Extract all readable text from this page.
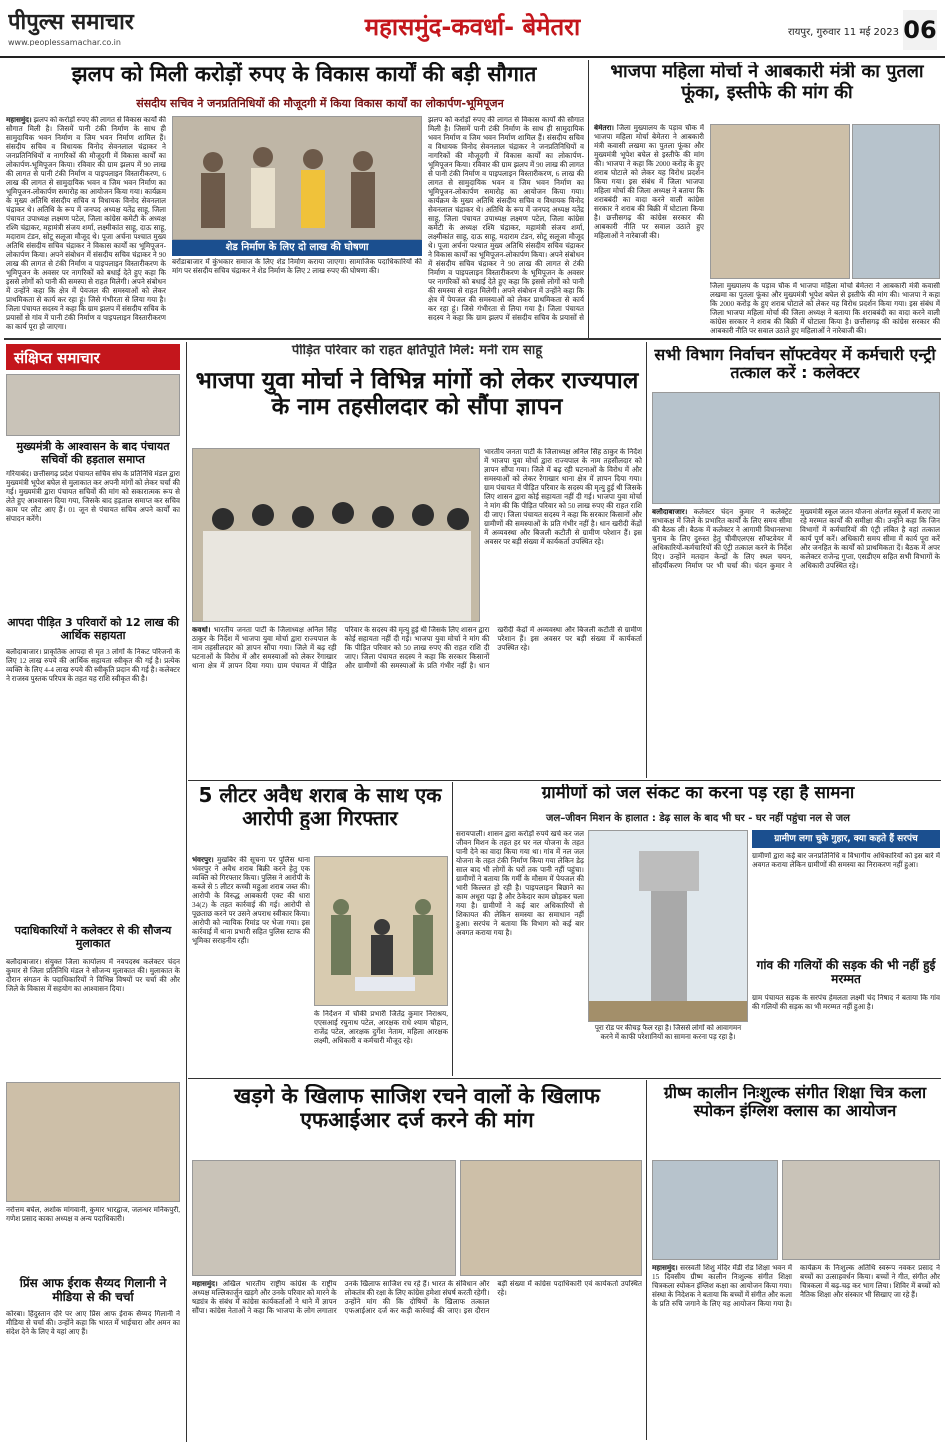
पीपुल्स समाचार
www.peoplessamachar.co.in
महासमुंद-कवर्धा- बेमेतरा	रायपुर, गुरुवार 11 मई 2023 06
झलप को मिली करोड़ों रुपए के विकास कार्यों की बड़ी सौगात
संसदीय सचिव ने जनप्रतिनिधियों की मौजूदगी में किया विकास कार्यों का लोकार्पण-भूमिपूजन
महासमुंद। झलप को करोड़ों रुपए की लागत से विकास कार्यों की सौगात मिली है। जिसमें पानी टंकी निर्माण के साथ ही सामुदायिक भवन निर्माण व जिम भवन निर्माण शामिल हैं। संसदीय सचिव व विधायक विनोद सेवनलाल चंद्राकर ने जनप्रतिनिधियों व नागरिकों की मौजूदगी में विकास कार्यों का लोकार्पण-भूमिपूजन किया। रविवार की ग्राम झलप में 90 लाख की लागत से पानी टंकी निर्माण व पाइपलाइन विस्तारीकरण, 6 लाख की लागत से सामुदायिक भवन व जिम भवन निर्माण का भूमिपूजन-लोकार्पण समारोह का आयोजन किया गया। कार्यक्रम के मुख्य अतिथि संसदीय सचिव व विधायक विनोद सेवनलाल चंद्राकर थे। अतिथि के रूप में जनपद अध्यक्ष यतेंद्र साहू, जिला पंचायत उपाध्यक्ष लक्ष्मण पटेल, जिला कांग्रेस कमेटी के अध्यक्ष रश्मि चंद्राकर, महामंत्री संजय शर्मा, लक्ष्मीकांत साहू, दाऊ साहू, मदाराम टंडन, सोटू सलूजा मौजूद थे। पूजा अर्चना पश्चात मुख्य अतिथि संसदीय सचिव चंद्राकर ने विकास कार्यों का भूमिपूजन-लोकार्पण किया। अपने संबोधन में संसदीय सचिव चंद्राकर ने 90 लाख की लागत से टंकी निर्माण व पाइपलाइन विस्तारीकरण के भूमिपूजन के अवसर पर नागरिकों को बधाई देते हुए कहा कि इससे लोगों को पानी की समस्या से राहत मिलेगी। अपने संबोधन में उन्होंने कहा कि क्षेत्र में पेयजल की समस्याओं को लेकर प्राथमिकता से कार्य कर रहा हूं। जिसे गंभीरता से लिया गया है। जिला पंचायत सदस्य ने कहा कि ग्राम झलप में संसदीय सचिव के प्रयासों से गांव में पानी टंकी निर्माण व पाइपलाइन विस्तारीकरण का कार्य पूरा हो जाएगा।
शेड निर्माण के लिए दो लाख की घोषणा
बरोंडाबाजार में कुंभकार समाज के लिए शेड निर्माण कराया जाएगा। सामाजिक पदाधिकारियों की मांग पर संसदीय सचिव चंद्राकर ने शेड निर्माण के लिए 2 लाख रुपए की घोषणा की।
झलप को करोड़ों रुपए की लागत से विकास कार्यों की सौगात मिली है। जिसमें पानी टंकी निर्माण के साथ ही सामुदायिक भवन निर्माण व जिम भवन निर्माण शामिल हैं। संसदीय सचिव व विधायक विनोद सेवनलाल चंद्राकर ने जनप्रतिनिधियों व नागरिकों की मौजूदगी में विकास कार्यों का लोकार्पण-भूमिपूजन किया। रविवार की ग्राम झलप में 90 लाख की लागत से पानी टंकी निर्माण व पाइपलाइन विस्तारीकरण, 6 लाख की लागत से सामुदायिक भवन व जिम भवन निर्माण का भूमिपूजन-लोकार्पण समारोह का आयोजन किया गया। कार्यक्रम के मुख्य अतिथि संसदीय सचिव व विधायक विनोद सेवनलाल चंद्राकर थे। अतिथि के रूप में जनपद अध्यक्ष यतेंद्र साहू, जिला पंचायत उपाध्यक्ष लक्ष्मण पटेल, जिला कांग्रेस कमेटी के अध्यक्ष रश्मि चंद्राकर, महामंत्री संजय शर्मा, लक्ष्मीकांत साहू, दाऊ साहू, मदाराम टंडन, सोटू सलूजा मौजूद थे। पूजा अर्चना पश्चात मुख्य अतिथि संसदीय सचिव चंद्राकर ने विकास कार्यों का भूमिपूजन-लोकार्पण किया। अपने संबोधन में संसदीय सचिव चंद्राकर ने 90 लाख की लागत से टंकी निर्माण व पाइपलाइन विस्तारीकरण के भूमिपूजन के अवसर पर नागरिकों को बधाई देते हुए कहा कि इससे लोगों को पानी की समस्या से राहत मिलेगी। अपने संबोधन में उन्होंने कहा कि क्षेत्र में पेयजल की समस्याओं को लेकर प्राथमिकता से कार्य कर रहा हूं। जिसे गंभीरता से लिया गया है। जिला पंचायत सदस्य ने कहा कि ग्राम झलप में संसदीय सचिव के प्रयासों से
भाजपा महिला मोर्चा ने आबकारी मंत्री का पुतला फूंका, इस्तीफे की मांग की
बेमेतरा। जिला मुख्यालय के पड़ाव चौक में भाजपा महिला मोर्चा बेमेतरा ने आबकारी मंत्री कवासी लखमा का पुतला फूंका और मुख्यमंत्री भूपेश बघेल से इस्तीफे की मांग की। भाजपा ने कहा कि 2000 करोड़ के हुए शराब घोटाले को लेकर यह विरोध प्रदर्शन किया गया। इस संबंध में जिला भाजपा महिला मोर्चा की जिला अध्यक्ष ने बताया कि शराबबंदी का वादा करने वाली कांग्रेस सरकार ने शराब की बिक्री में घोटाला किया है। छत्तीसगढ़ की कांग्रेस सरकार की आबकारी नीति पर सवाल उठाते हुए महिलाओं ने नारेबाजी की।
जिला मुख्यालय के पड़ाव चौक में भाजपा महिला मोर्चा बेमेतरा ने आबकारी मंत्री कवासी लखमा का पुतला फूंका और मुख्यमंत्री भूपेश बघेल से इस्तीफे की मांग की। भाजपा ने कहा कि 2000 करोड़ के हुए शराब घोटाले को लेकर यह विरोध प्रदर्शन किया गया। इस संबंध में जिला भाजपा महिला मोर्चा की जिला अध्यक्ष ने बताया कि शराबबंदी का वादा करने वाली कांग्रेस सरकार ने शराब की बिक्री में घोटाला किया है। छत्तीसगढ़ की कांग्रेस सरकार की आबकारी नीति पर सवाल उठाते हुए महिलाओं ने नारेबाजी की।
संक्षिप्त समाचार
मुख्यमंत्री के आश्वासन के बाद पंचायत सचिवों की हड़ताल समाप्त
गरियाबंद। छत्तीसगढ़ प्रदेश पंचायत सचिव संघ के प्रतिनिधि मंडल द्वारा मुख्यमंत्री भूपेश बघेल से मुलाकात कर अपनी मांगों को लेकर चर्चा की गई। मुख्यमंत्री द्वारा पंचायत सचिवों की मांग को सकारात्मक रूप से लेते हुए आश्वासन दिया गया, जिसके बाद हड़ताल समाप्त कर सचिव काम पर लौट आए हैं। 01 जून से पंचायत सचिव अपने कार्यों का संपादन करेंगे।
आपदा पीड़ित 3 परिवारों को 12 लाख की आर्थिक सहायता
बलौदाबाजार। प्राकृतिक आपदा से मृत 3 लोगों के निकट परिजनों के लिए 12 लाख रुपये की आर्थिक सहायता स्वीकृत की गई है। प्रत्येक व्यक्ति के लिए 4-4 लाख रुपये की स्वीकृति प्रदान की गई है। कलेक्टर ने राजस्व पुस्तक परिपत्र के तहत यह राशि स्वीकृत की है।
पदाधिकारियों ने कलेक्टर से की सौजन्य मुलाकात
बलौदाबाजार। संयुक्त जिला कार्यालय में नवपदस्थ कलेक्टर चंदन कुमार से जिला प्रतिनिधि मंडल ने सौजन्य मुलाकात की। मुलाकात के दौरान संगठन के पदाधिकारियों ने विभिन्न विषयों पर चर्चा की और जिले के विकास में सहयोग का आश्वासन दिया।
नरोत्तम बघेल, अशोक मांगवानी, कुमार भारद्वाज, जलन्धर मनिकपुरी, गणेश प्रसाद काका अध्यक्ष व अन्य पदाधिकारी।
प्रिंस आफ ईराक सैय्यद गिलानी ने मीडिया से की चर्चा
कोरबा। हिंदुस्तान दौरे पर आए प्रिंस आफ ईराक सैय्यद गिलानी ने मीडिया से चर्चा की। उन्होंने कहा कि भारत में भाईचारा और अमन का संदेश देने के लिए वे यहां आए हैं।
पीड़ित परिवार को राहत क्षतिपूर्ति मिले: मनी राम साहू
भाजपा युवा मोर्चा ने विभिन्न मांगों को लेकर राज्यपाल के नाम तहसीलदार को सौंपा ज्ञापन
भारतीय जनता पार्टी के जिलाध्यक्ष अनिल सिंह ठाकुर के निर्देश में भाजपा युवा मोर्चा द्वारा राज्यपाल के नाम तहसीलदार को ज्ञापन सौंपा गया। जिले में बढ़ रही घटनाओं के विरोध में और समस्याओं को लेकर रेंगाखार थाना क्षेत्र में ज्ञापन दिया गया। ग्राम पंचायत में पीड़ित परिवार के सदस्य की मृत्यु हुई थी जिसके लिए शासन द्वारा कोई सहायता नहीं दी गई। भाजपा युवा मोर्चा ने मांग की कि पीड़ित परिवार को 50 लाख रुपए की राहत राशि दी जाए। जिला पंचायत सदस्य ने कहा कि सरकार किसानों और ग्रामीणों की समस्याओं के प्रति गंभीर नहीं है। धान खरीदी केंद्रों में अव्यवस्था और बिजली कटौती से ग्रामीण परेशान हैं। इस अवसर पर बड़ी संख्या में कार्यकर्ता उपस्थित रहे।
कवर्धा। भारतीय जनता पार्टी के जिलाध्यक्ष अनिल सिंह ठाकुर के निर्देश में भाजपा युवा मोर्चा द्वारा राज्यपाल के नाम तहसीलदार को ज्ञापन सौंपा गया। जिले में बढ़ रही घटनाओं के विरोध में और समस्याओं को लेकर रेंगाखार थाना क्षेत्र में ज्ञापन दिया गया। ग्राम पंचायत में पीड़ित परिवार के सदस्य की मृत्यु हुई थी जिसके लिए शासन द्वारा कोई सहायता नहीं दी गई। भाजपा युवा मोर्चा ने मांग की कि पीड़ित परिवार को 50 लाख रुपए की राहत राशि दी जाए। जिला पंचायत सदस्य ने कहा कि सरकार किसानों और ग्रामीणों की समस्याओं के प्रति गंभीर नहीं है। धान खरीदी केंद्रों में अव्यवस्था और बिजली कटौती से ग्रामीण परेशान हैं। इस अवसर पर बड़ी संख्या में कार्यकर्ता उपस्थित रहे।
सभी विभाग निर्वाचन सॉफ्टवेयर में कर्मचारी एन्ट्री तत्काल करें : कलेक्टर
बलौदाबाजार। कलेक्टर चंदन कुमार ने कलेक्ट्रेट सभाकक्ष में जिले के प्रभारित कार्यों के लिए समय सीमा की बैठक ली। बैठक में कलेक्टर ने आगामी विधानसभा चुनाव के लिए दुरुस्त हेतु चीवीएलएस सॉफ्टवेयर में अधिकारियों-कर्मचारियों की एंट्री तत्काल करने के निर्देश दिए। उन्होंने मतदान केन्द्रों के लिए स्थल चयन, सौंदर्यीकरण निर्माण पर भी चर्चा की। चंदन कुमार ने मुख्यमंत्री स्कूल जतन योजना अंतर्गत स्कूलों में कराए जा रहे मरम्मत कार्यों की समीक्षा की। उन्होंने कहा कि जिन विभागों में कर्मचारियों की एंट्री लंबित है वहां तत्काल कार्य पूर्ण करें। अधिकारी समय सीमा में कार्य पूरा करें और जनहित के कार्यों को प्राथमिकता दें। बैठक में अपर कलेक्टर राजेन्द्र गुप्ता, एसडीएम सहित सभी विभागों के अधिकारी उपस्थित रहे।
5 लीटर अवैध शराब के साथ एक आरोपी हुआ गिरफ्तार
भंवरपुर। मुखबिर की सूचना पर पुलिस थाना भंवरपुर ने अवैध शराब बिक्री करने हेतु एक व्यक्ति को गिरफ्तार किया। पुलिस ने आरोपी के कब्जे से 5 लीटर कच्ची महुआ शराब जब्त की। आरोपी के विरुद्ध आबकारी एक्ट की धारा 34(2) के तहत कार्रवाई की गई। आरोपी से पूछताछ करने पर उसने अपराध स्वीकार किया। आरोपी को न्यायिक रिमांड पर भेजा गया। इस कार्रवाई में थाना प्रभारी सहित पुलिस स्टाफ की भूमिका सराहनीय रही।
के निर्देशन में चौकी प्रभारी जितेंद्र कुमार निराश्रय, एएसआई रघुनाथ पटेल, आरक्षक राधे श्याम चौहान, राजेंद्र पटेल, आरक्षक दुर्गेश नेताम, महिला आरक्षक लक्ष्मी, अधिकारी व कर्मचारी मौजूद रहे।
ग्रामीणों को जल संकट का करना पड़ रहा है सामना
जल–जीवन मिशन के हालात : डेढ़ साल के बाद भी घर - घर नहीं पहुंचा नल से जल
सरायपाली। शासन द्वारा करोड़ों रुपये खर्च कर जल जीवन मिशन के तहत हर घर नल योजना के तहत पानी देने का वादा किया गया था। गांव में नल जल योजना के तहत टंकी निर्माण किया गया लेकिन डेढ़ साल बाद भी लोगों के घरों तक पानी नहीं पहुंचा। ग्रामीणों ने बताया कि गर्मी के मौसम में पेयजल की भारी किल्लत हो रही है। पाइपलाइन बिछाने का काम अधूरा पड़ा है और ठेकेदार काम छोड़कर चला गया है। ग्रामीणों ने कई बार अधिकारियों से शिकायत की लेकिन समस्या का समाधान नहीं हुआ। सरपंच ने बताया कि विभाग को कई बार अवगत कराया गया है।
पूरा रोड पर कीचड़ फैल रहा है। जिससे लोगों को आवागमन करने में काफी परेशानियों का सामना करना पड़ रहा है।
ग्रामीण लगा चुके गुहार, क्या कहते हैं सरपंच
ग्रामीणों द्वारा कई बार जनप्रतिनिधि व विभागीय अधिकारियों को इस बारे में अवगत कराया लेकिन ग्रामीणों की समस्या का निराकरण नहीं हुआ।
गांव की गलियों की सड़क की भी नहीं हुई मरम्मत
ग्राम पंचायत सड़क के सरपंच हेमलता लक्ष्मी चंद निषाद ने बताया कि गांव की गलियों की सड़क का भी मरम्मत नहीं हुआ है।
खड़गे के खिलाफ साजिश रचने वालों के खिलाफ एफआईआर दर्ज करने की मांग
महासमुंद। अखिल भारतीय राष्ट्रीय कांग्रेस के राष्ट्रीय अध्यक्ष मल्लिकार्जुन खड़गे और उनके परिवार को मारने के षड्यंत्र के संबंध में कांग्रेस कार्यकर्ताओं ने थाने में ज्ञापन सौंपा। कांग्रेस नेताओं ने कहा कि भाजपा के लोग लगातार उनके खिलाफ साजिश रच रहे हैं। भारत के संविधान और लोकतंत्र की रक्षा के लिए कांग्रेस हमेशा संघर्ष करती रहेगी। उन्होंने मांग की कि दोषियों के खिलाफ तत्काल एफआईआर दर्ज कर कड़ी कार्रवाई की जाए। इस दौरान बड़ी संख्या में कांग्रेस पदाधिकारी एवं कार्यकर्ता उपस्थित रहे।
ग्रीष्म कालीन निःशुल्क संगीत शिक्षा चित्र कला स्पोकन इंग्लिश क्लास का आयोजन
महासमुंद। सरस्वती शिशु मंदिर मेंडी रोड शिक्षा भवन में 15 दिवसीय ग्रीष्म कालीन निःशुल्क संगीत शिक्षा चित्रकला स्पोकन इंग्लिश कक्षा का आयोजन किया गया। संस्था के निदेशक ने बताया कि बच्चों में संगीत और कला के प्रति रुचि जगाने के लिए यह आयोजन किया गया है। कार्यक्रम के निःशुल्क अतिथि स्वरूप नवकर प्रसाद ने बच्चों का उत्साहवर्धन किया। बच्चों ने गीत, संगीत और चित्रकला में बढ़-चढ़ कर भाग लिया। शिविर में बच्चों को नैतिक शिक्षा और संस्कार भी सिखाए जा रहे हैं।
